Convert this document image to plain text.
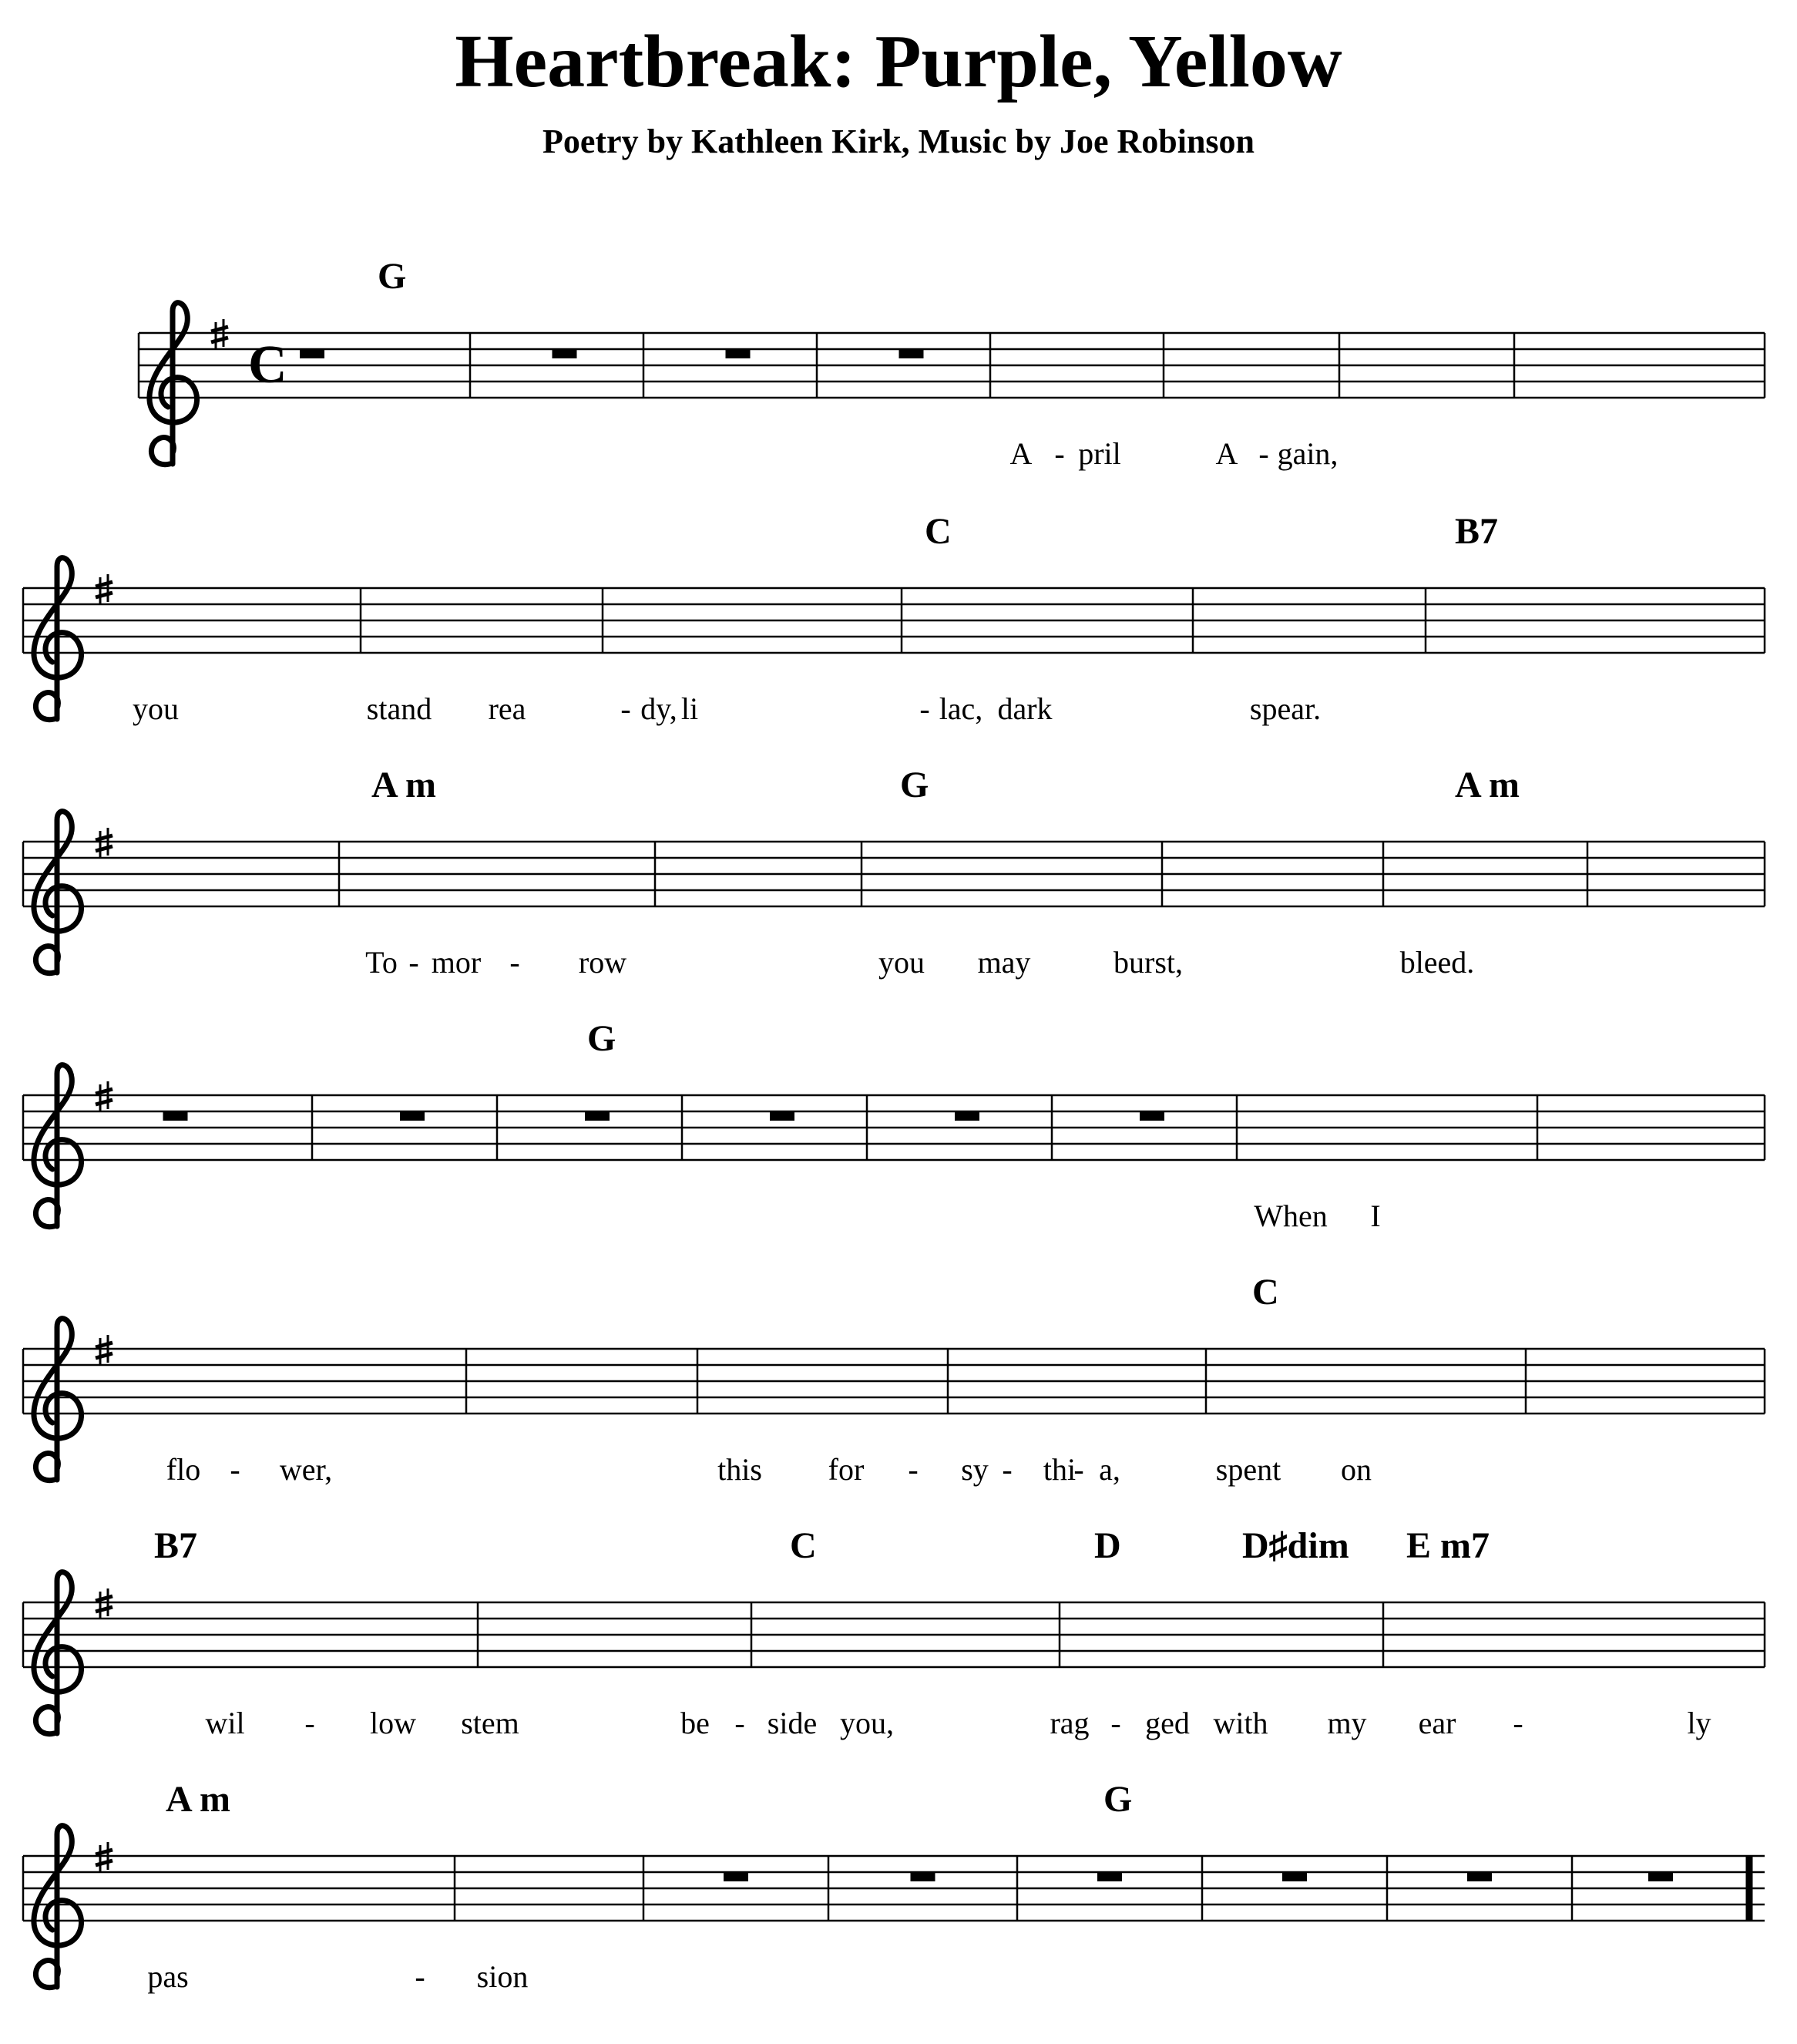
Heartbreak: Purple, Yellow
Poetry by Kathleen Kirk, Music by Joe Robinson
C
G
A - pril	A - gain,
C	B7
you	stand rea	- dy, li	- lac, dark	spear.
A m	G	A m
To - mor - row	you may	burst,	bleed.
G
When I
C
flo - wer,	this for - sy - thi
- a,	spent on
B7	C	D	D♯dim E m7
wil - low stem	be - side you,	rag - ged with my ear -	ly
A m	G
pas	- sion
